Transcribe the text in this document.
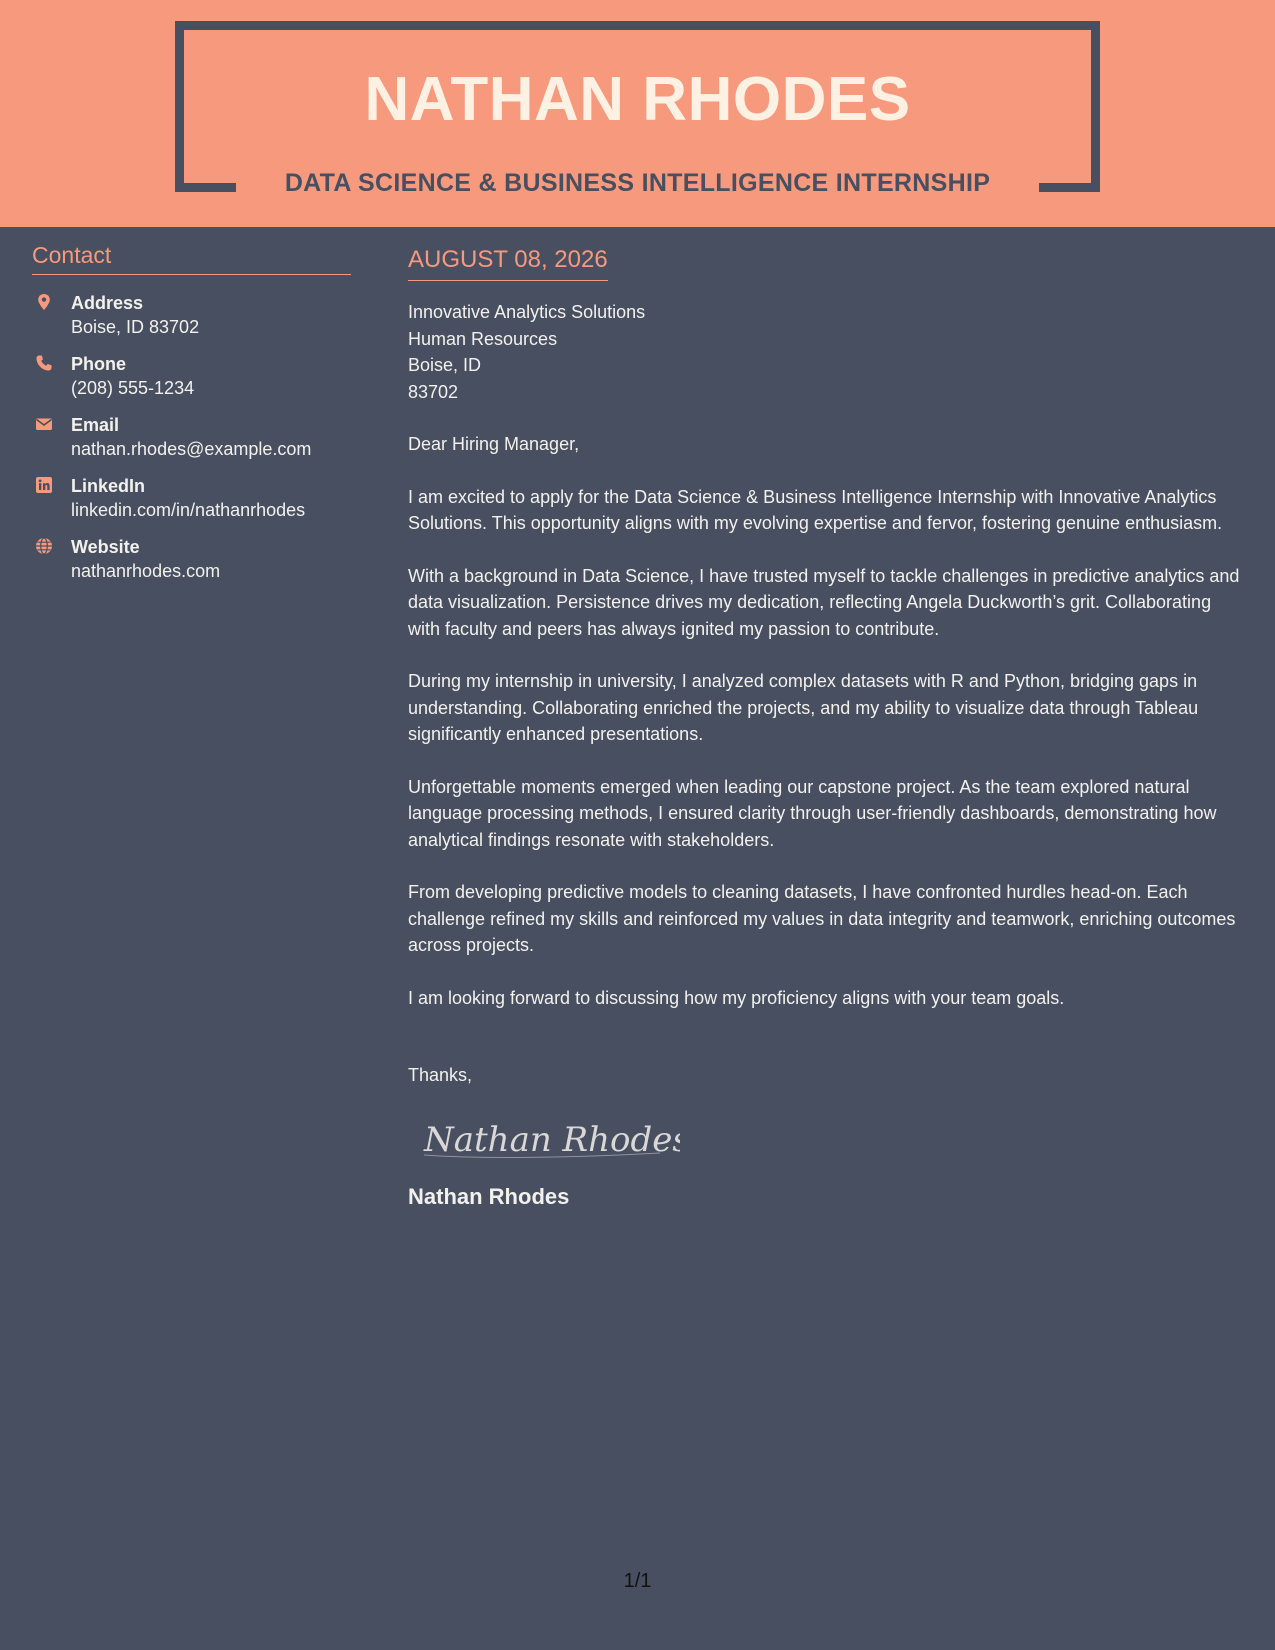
NATHAN RHODES
DATA SCIENCE & BUSINESS INTELLIGENCE INTERNSHIP
Contact
Address
Boise, ID 83702
Phone
(208) 555-1234
Email
nathan.rhodes@example.com
LinkedIn
linkedin.com/in/nathanrhodes
Website
nathanrhodes.com
AUGUST 08, 2026
Innovative Analytics Solutions
Human Resources
Boise, ID
83702
Dear Hiring Manager,
I am excited to apply for the Data Science & Business Intelligence Internship with Innovative Analytics Solutions. This opportunity aligns with my evolving expertise and fervor, fostering genuine enthusiasm.
With a background in Data Science, I have trusted myself to tackle challenges in predictive analytics and data visualization. Persistence drives my dedication, reflecting Angela Duckworth’s grit. Collaborating with faculty and peers has always ignited my passion to contribute.
During my internship in university, I analyzed complex datasets with R and Python, bridging gaps in understanding. Collaborating enriched the projects, and my ability to visualize data through Tableau significantly enhanced presentations.
Unforgettable moments emerged when leading our capstone project. As the team explored natural language processing methods, I ensured clarity through user-friendly dashboards, demonstrating how analytical findings resonate with stakeholders.
From developing predictive models to cleaning datasets, I have confronted hurdles head-on. Each challenge refined my skills and reinforced my values in data integrity and teamwork, enriching outcomes across projects.
I am looking forward to discussing how my proficiency aligns with your team goals.
Thanks,
Nathan Rhodes
Nathan Rhodes
1/1
